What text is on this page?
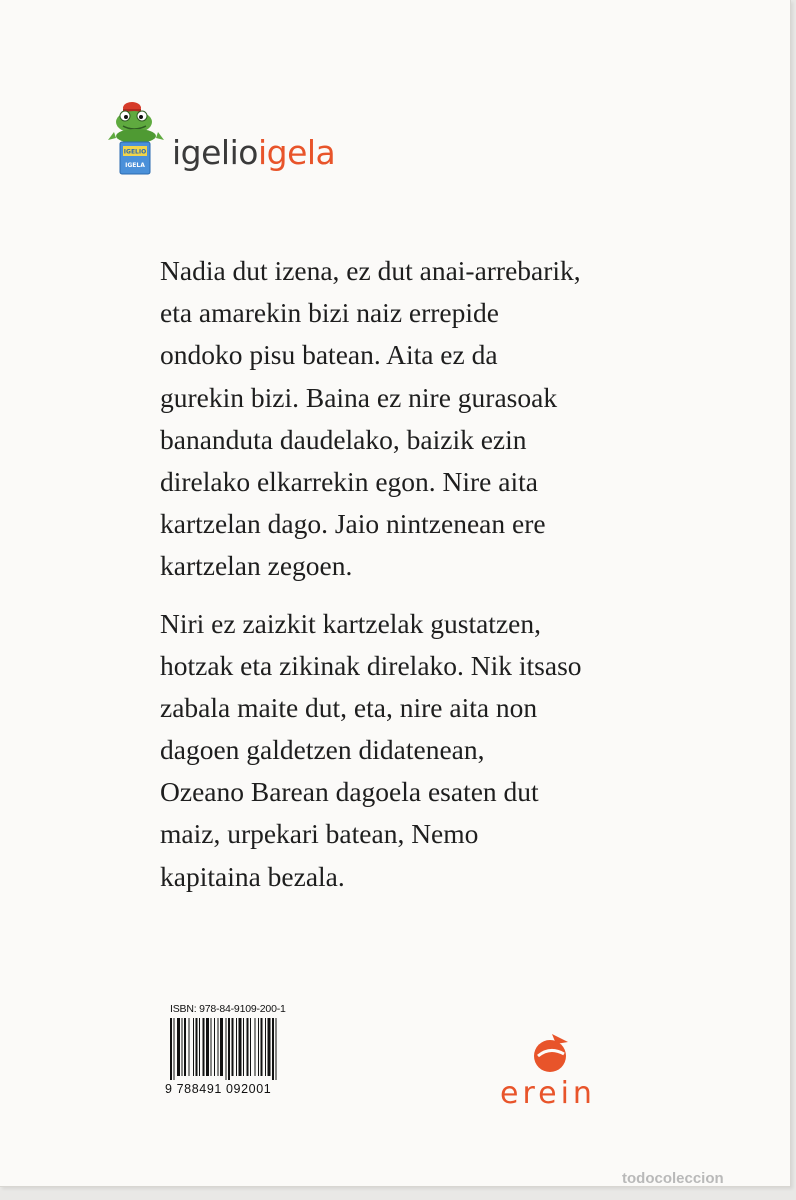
IGELIO
IGELA igelioigela
Nadia dut izena, ez dut anai-arrebarik,
eta amarekin bizi naiz errepide
ondoko pisu batean. Aita ez da
gurekin bizi. Baina ez nire gurasoak
bananduta daudelako, baizik ezin
direlako elkarrekin egon. Nire aita
kartzelan dago. Jaio nintzenean ere
kartzelan zegoen.
Niri ez zaizkit kartzelak gustatzen,
hotzak eta zikinak direlako. Nik itsaso
zabala maite dut, eta, nire aita non
dagoen galdetzen didatenean,
Ozeano Barean dagoela esaten dut
maiz, urpekari batean, Nemo
kapitaina bezala.
ISBN: 978-84-9109-200-1
9 788491 092001	erein
todocoleccion
